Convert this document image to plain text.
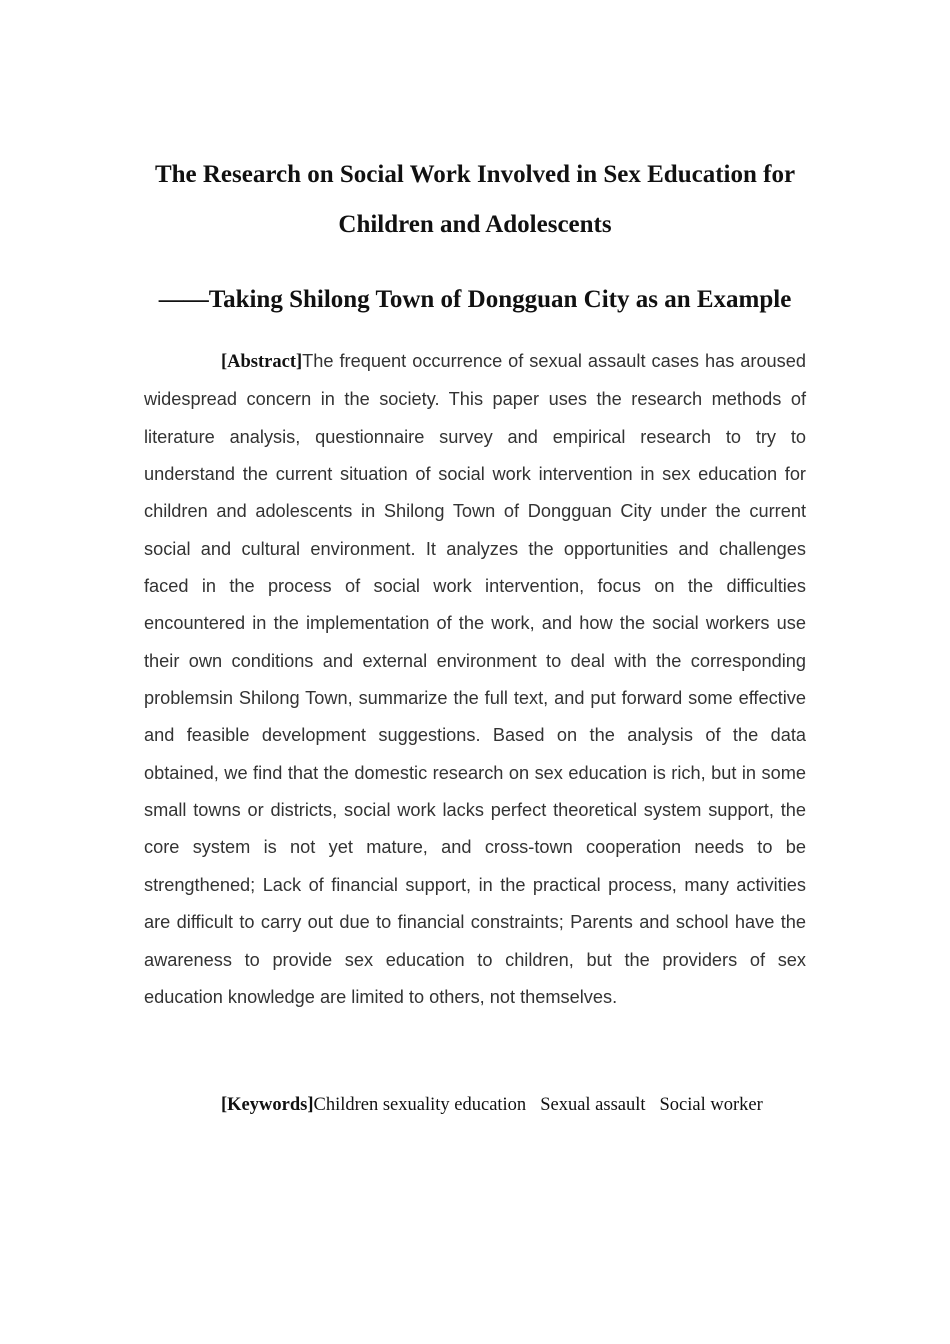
The Research on Social Work Involved in Sex Education for
Children and Adolescents
——Taking Shilong Town of Dongguan City as an Example

[Abstract]The frequent occurrence of sexual assault cases has aroused widespread concern in the society. This paper uses the research methods of literature analysis, questionnaire survey and empirical research to try to understand the current situation of social work intervention in sex education for children and adolescents in Shilong Town of Dongguan City under the current social and cultural environment. It analyzes the opportunities and challenges faced in the process of social work intervention, focus on the difficulties encountered in the implementation of the work, and how the social workers use their own conditions and external environment to deal with the corresponding problemsin Shilong Town, summarize the full text, and put forward some effective and feasible development suggestions. Based on the analysis of the data obtained, we find that the domestic research on sex education is rich, but in some small towns or districts, social work lacks perfect theoretical system support, the core system is not yet mature, and cross-town cooperation needs to be strengthened; Lack of financial support, in the practical process, many activities are difficult to carry out due to financial constraints; Parents and school have the awareness to provide sex education to children, but the providers of sex education knowledge are limited to others, not themselves.

[Keywords]Children sexuality education Sexual assault Social worker
